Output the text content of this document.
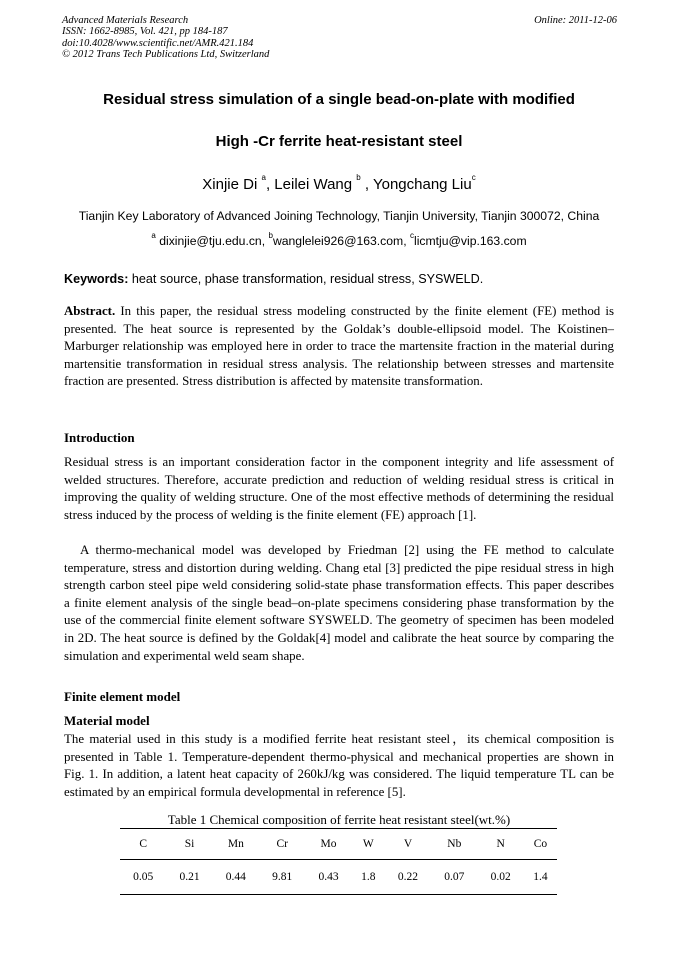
Advanced Materials Research
ISSN: 1662-8985, Vol. 421, pp 184-187
doi:10.4028/www.scientific.net/AMR.421.184
© 2012 Trans Tech Publications Ltd, Switzerland
Online: 2011-12-06
Residual stress simulation of a single bead-on-plate with modified
High -Cr ferrite heat-resistant steel
Xinjie Di $^a$, Leilei Wang $^b$ , Yongchang Liu$^c$
Tianjin Key Laboratory of Advanced Joining Technology, Tianjin University, Tianjin 300072, China
$^a$ dixinjie@tju.edu.cn, $^b$wanglelei926@163.com, $^c$licmtju@vip.163.com
Keywords: heat source, phase transformation, residual stress, SYSWELD.
Abstract. In this paper, the residual stress modeling constructed by the finite element (FE) method is presented. The heat source is represented by the Goldak’s double-ellipsoid model. The Koistinen–Marburger relationship was employed here in order to trace the martensite fraction in the material during martensitie transformation in residual stress analysis. The relationship between stresses and martensite fraction are presented. Stress distribution is affected by matensite transformation.
Introduction
Residual stress is an important consideration factor in the component integrity and life assessment of welded structures. Therefore, accurate prediction and reduction of welding residual stress is critical in improving the quality of welding structure. One of the most effective methods of determining the residual stress induced by the process of welding is the finite element (FE) approach [1].
A thermo-mechanical model was developed by Friedman [2] using the FE method to calculate temperature, stress and distortion during welding. Chang etal [3] predicted the pipe residual stress in high strength carbon steel pipe weld considering solid-state phase transformation effects. This paper describes a finite element analysis of the single bead–on-plate specimens considering phase transformation by the use of the commercial finite element software SYSWELD. The geometry of specimen has been modeled in 2D. The heat source is defined by the Goldak[4] model and calibrate the heat source by comparing the simulation and experimental weld seam shape.
Finite element model
Material model
The material used in this study is a modified ferrite heat resistant steel，its chemical composition is presented in Table 1. Temperature-dependent thermo-physical and mechanical properties are shown in Fig. 1. In addition, a latent heat capacity of 260kJ/kg was considered. The liquid temperature TL can be estimated by an empirical formula developmental in reference [5].
Table 1 Chemical composition of ferrite heat resistant steel(wt.%)
C	Si	Mn	Cr	Mo	W	V	Nb	N	Co
0.05	0.21	0.44	9.81	0.43	1.8	0.22	0.07	0.02	1.4
